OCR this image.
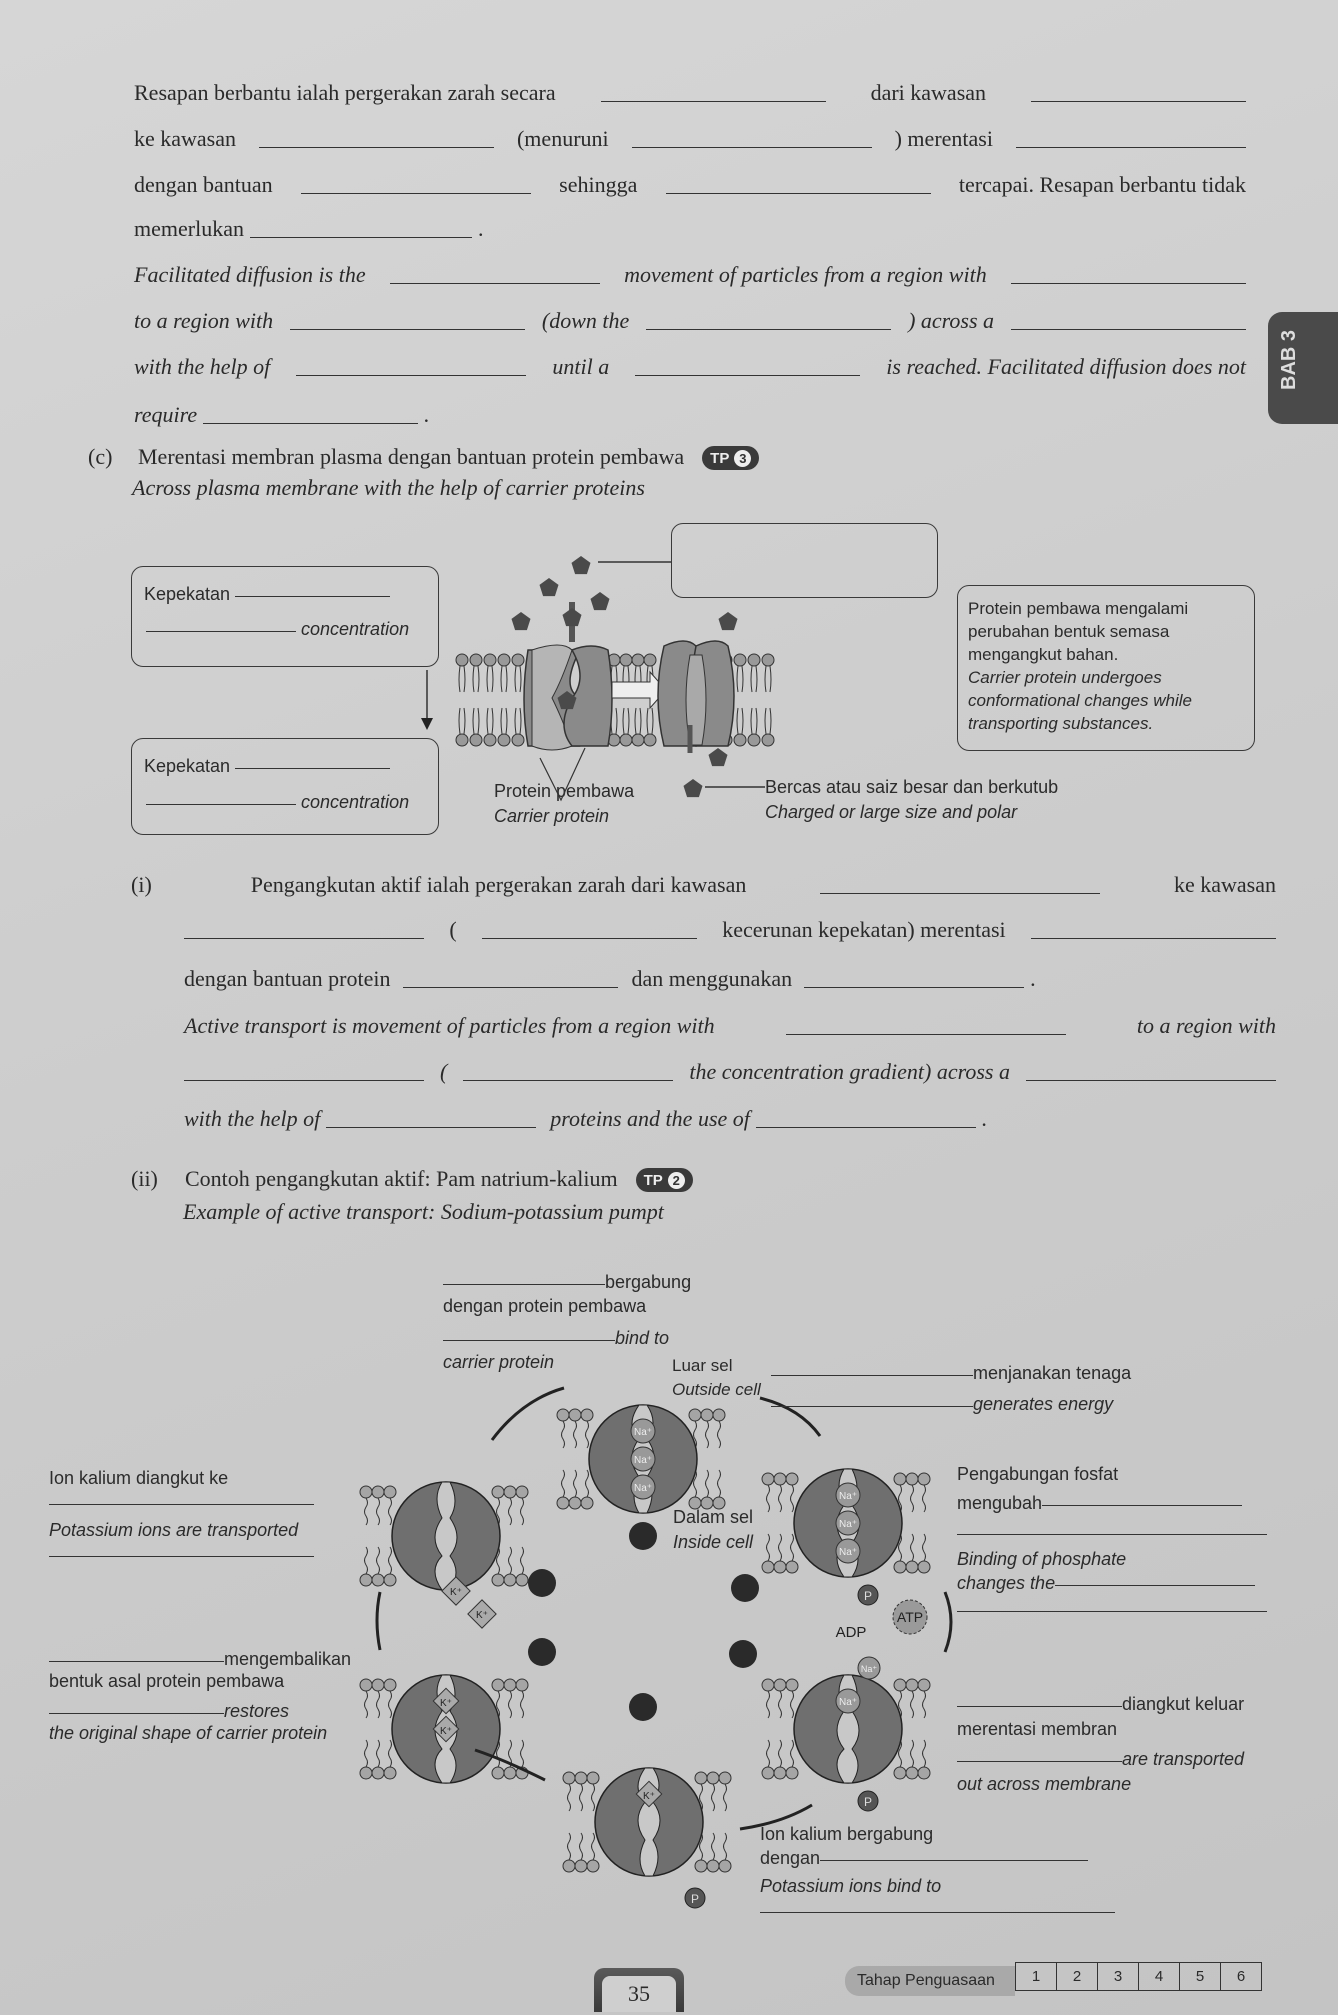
BAB 3
Resapan berbantu ialah pergerakan zarah secara	dari kawasan
ke kawasan	(menuruni	) merentasi
dengan bantuan	sehingga	tercapai. Resapan berbantu tidak
memerlukan	.
Facilitated diffusion is the	movement of particles from a region with
to a region with	(down the	) across a
with the help of	until a	is reached. Facilitated diffusion does not
require	.
(c)	Merentasi membran plasma dengan bantuan protein pembawa TP 3
Across plasma membrane with the help of carrier proteins
Kepekatan
concentration
Kepekatan
concentration
Protein pembawa mengalami
perubahan bentuk semasa
mengangkut bahan.
Carrier protein undergoes
conformational changes while
transporting substances.
Protein pembawa
Carrier protein
Bercas atau saiz besar dan berkutub
Charged or large size and polar
Na⁺
Na⁺
Na⁺
Na⁺
Na⁺
Na⁺
P
K⁺
K⁺
Na⁺
P
K⁺
K⁺
K⁺
Na⁺
ATP
ADP
P
(i)	Pengangkutan aktif ialah pergerakan zarah dari kawasan	ke kawasan
(	kecerunan kepekatan) merentasi
dengan bantuan protein	dan menggunakan	.
Active transport is movement of particles from a region with	to a region with
(	the concentration gradient) across a
with the help of	proteins and the use of	.
(ii)	Contoh pengangkutan aktif: Pam natrium-kalium TP 2
Example of active transport: Sodium-potassium pumpt
bergabung
dengan protein pembawa
bind to
carrier protein	Luar sel
Outside cell
Dalam sel
Inside cell
menjanakan tenaga
generates energy
Pengabungan fosfat
mengubah
Binding of phosphate
changes the
diangkut keluar
merentasi membran
are transported
out across membrane
Ion kalium bergabung
dengan
Potassium ions bind to
Ion kalium diangkut ke
Potassium ions are transported
mengembalikan
bentuk asal protein pembawa
restores
the original shape of carrier protein
35
Tahap Penguasaan	1	2	3	4	5	6
